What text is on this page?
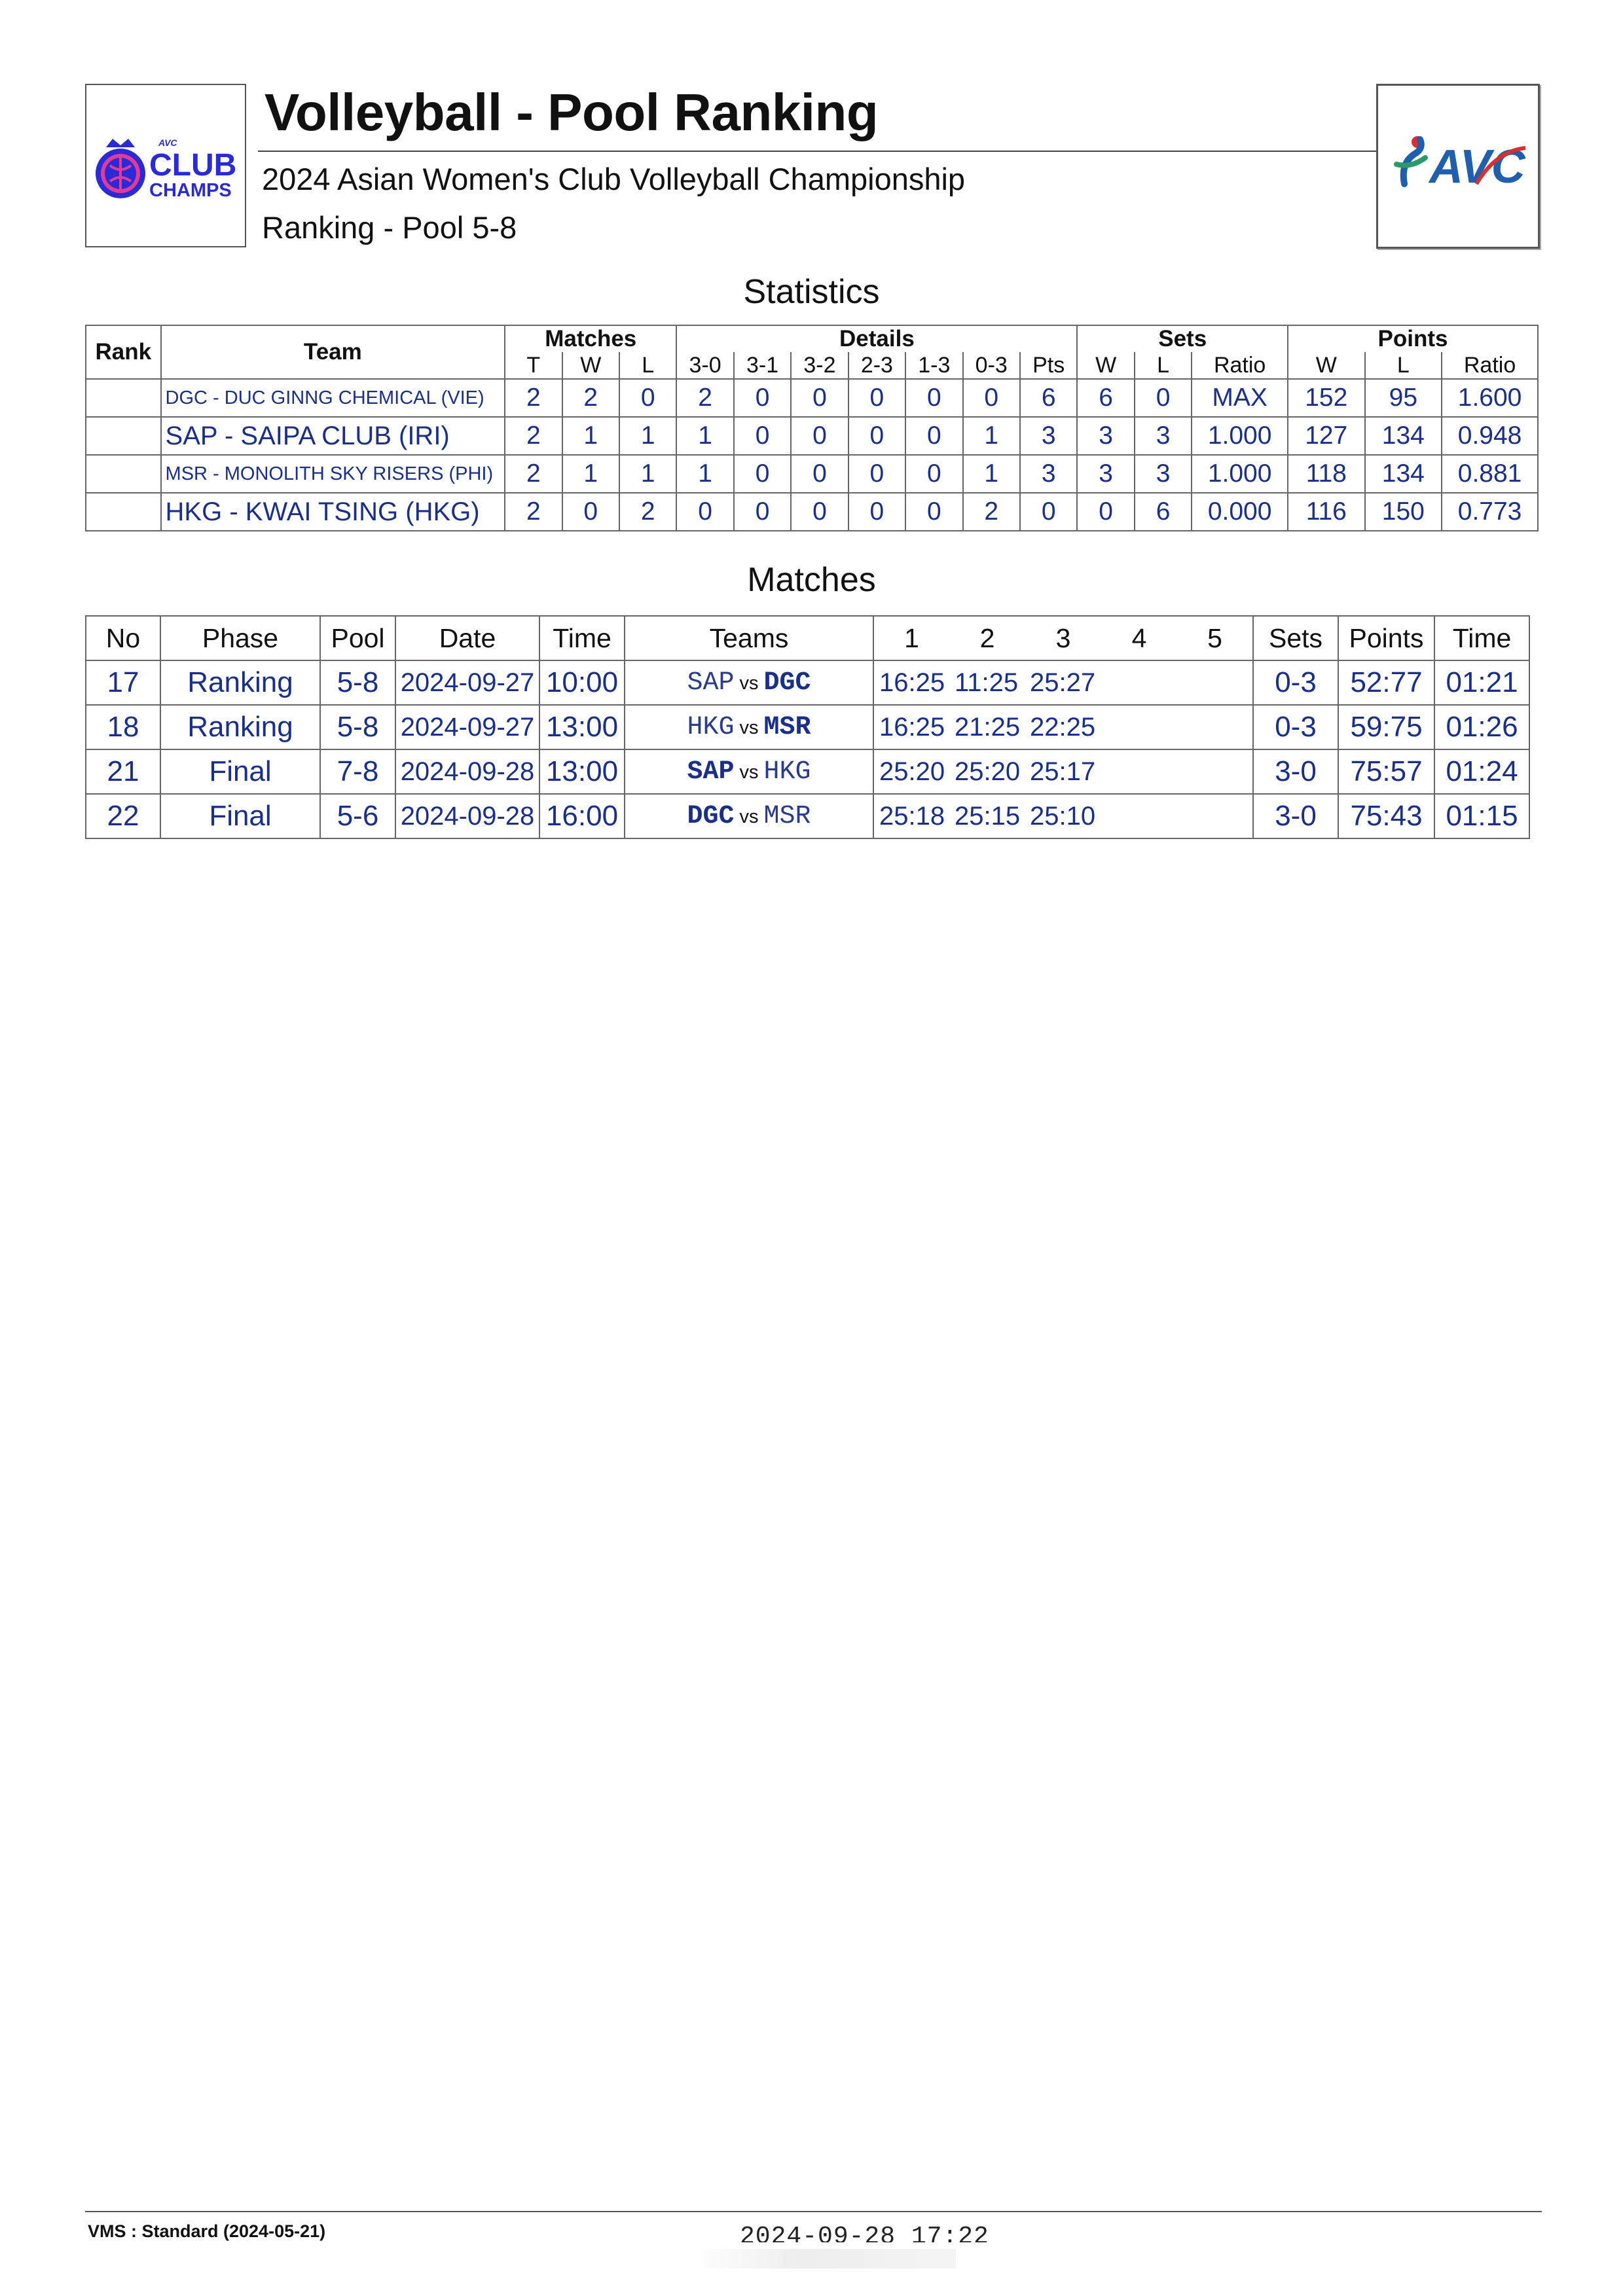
AVC
CLUB
CHAMPS
Volleyball - Pool Ranking
2024 Asian Women's Club Volleyball Championship
Ranking - Pool 5-8
AVC
Statistics
Rank	Team	Matches			Details							Sets			Points		
		T	W	L	3-0	3-1	3-2	2-3	1-3	0-3	Pts	W	L	Ratio	W	L	Ratio
	DGC - DUC GINNG CHEMICAL (VIE)	2	2	0	2	0	0	0	0	0	6	6	0	MAX	152	95	1.600
	SAP - SAIPA CLUB (IRI)	2	1	1	1	0	0	0	0	1	3	3	3	1.000	127	134	0.948
	MSR - MONOLITH SKY RISERS (PHI)	2	1	1	1	0	0	0	0	1	3	3	3	1.000	118	134	0.881
	HKG - KWAI TSING (HKG)	2	0	2	0	0	0	0	0	2	0	0	6	0.000	116	150	0.773
Matches
No	Phase	Pool	Date	Time	Teams	1	2	3	4	5	Sets	Points	Time
17	Ranking	5-8	2024-09-27	10:00	SAP vs DGC	16:25 11:25 25:27					0-3	52:77	01:21
18	Ranking	5-8	2024-09-27	13:00	HKG vs MSR	16:25 21:25 22:25					0-3	59:75	01:26
21	Final	7-8	2024-09-28	13:00	SAP vs HKG	25:20 25:20 25:17					3-0	75:57	01:24
22	Final	5-6	2024-09-28	16:00	DGC vs MSR	25:18 25:15 25:10					3-0	75:43	01:15
VMS : Standard (2024-05-21)	2024-09-28 17:22
